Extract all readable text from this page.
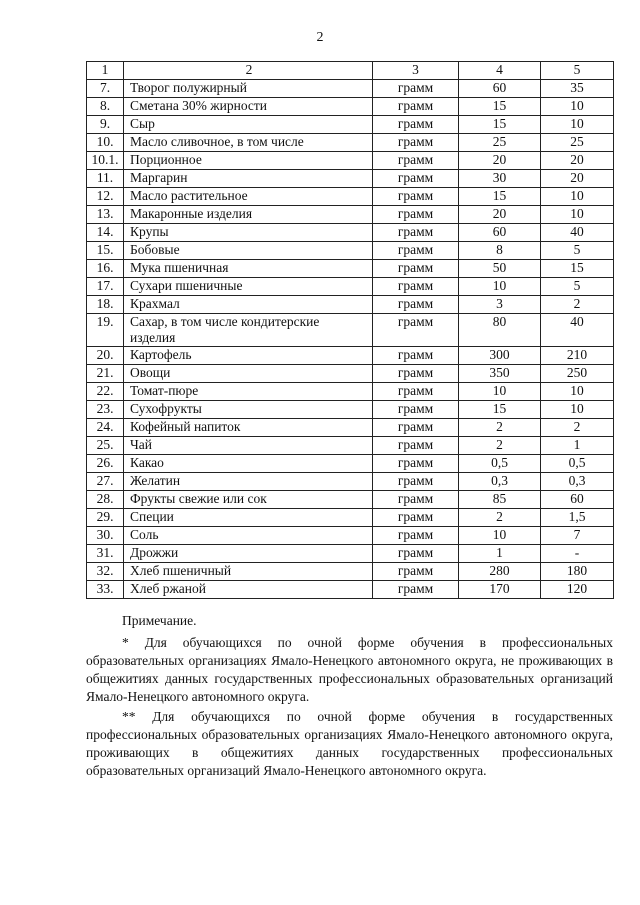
2
1	2	3	4	5
7.	Творог полужирный	грамм	60	35
8.	Сметана 30% жирности	грамм	15	10
9.	Сыр	грамм	15	10
10.	Масло сливочное, в том числе	грамм	25	25
10.1.	Порционное	грамм	20	20
11.	Маргарин	грамм	30	20
12.	Масло растительное	грамм	15	10
13.	Макаронные изделия	грамм	20	10
14.	Крупы	грамм	60	40
15.	Бобовые	грамм	8	5
16.	Мука пшеничная	грамм	50	15
17.	Сухари пшеничные	грамм	10	5
18.	Крахмал	грамм	3	2
19.	Сахар, в том числе кондитерские изделия	грамм	80	40
20.	Картофель	грамм	300	210
21.	Овощи	грамм	350	250
22.	Томат-пюре	грамм	10	10
23.	Сухофрукты	грамм	15	10
24.	Кофейный напиток	грамм	2	2
25.	Чай	грамм	2	1
26.	Какао	грамм	0,5	0,5
27.	Желатин	грамм	0,3	0,3
28.	Фрукты свежие или сок	грамм	85	60
29.	Специи	грамм	2	1,5
30.	Соль	грамм	10	7
31.	Дрожжи	грамм	1	-
32.	Хлеб пшеничный	грамм	280	180
33.	Хлеб ржаной	грамм	170	120

Примечание.

* Для обучающихся по очной форме обучения в профессиональных образовательных организациях Ямало-Ненецкого автономного округа, не проживающих в общежитиях данных государственных профессиональных образовательных организаций Ямало-Ненецкого автономного округа.

** Для обучающихся по очной форме обучения в государственных профессиональных образовательных организациях Ямало-Ненецкого автономного округа, проживающих в общежитиях данных государственных профессиональных образовательных организаций Ямало-Ненецкого автономного округа.
